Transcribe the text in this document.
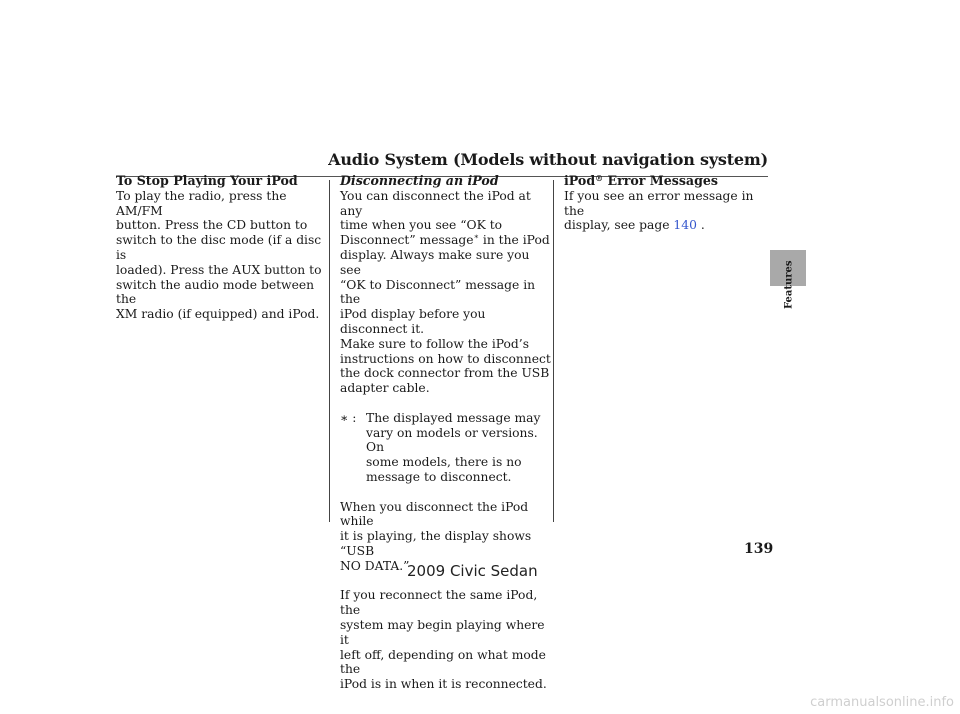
Audio System (Models without navigation system)
To Stop Playing Your iPod

To play the radio, press the AM/FM
button. Press the CD button to
switch to the disc mode (if a disc is
loaded). Press the AUX button to
switch the audio mode between the
XM radio (if equipped) and iPod.

Disconnecting an iPod

You can disconnect the iPod at any
time when you see “OK to
Disconnect” message∗ in the iPod
display. Always make sure you see
“OK to Disconnect” message in the
iPod display before you disconnect it.
Make sure to follow the iPod’s
instructions on how to disconnect
the dock connector from the USB
adapter cable.

∗ : The displayed message may
vary on models or versions. On
some models, there is no
message to disconnect.

When you disconnect the iPod while
it is playing, the display shows “USB
NO DATA.”

If you reconnect the same iPod, the
system may begin playing where it
left off, depending on what mode the
iPod is in when it is reconnected.

iPod® Error Messages

If you see an error message in the
display, see page 140 .

Features
139
2009 Civic Sedan
carmanualsonline.info
